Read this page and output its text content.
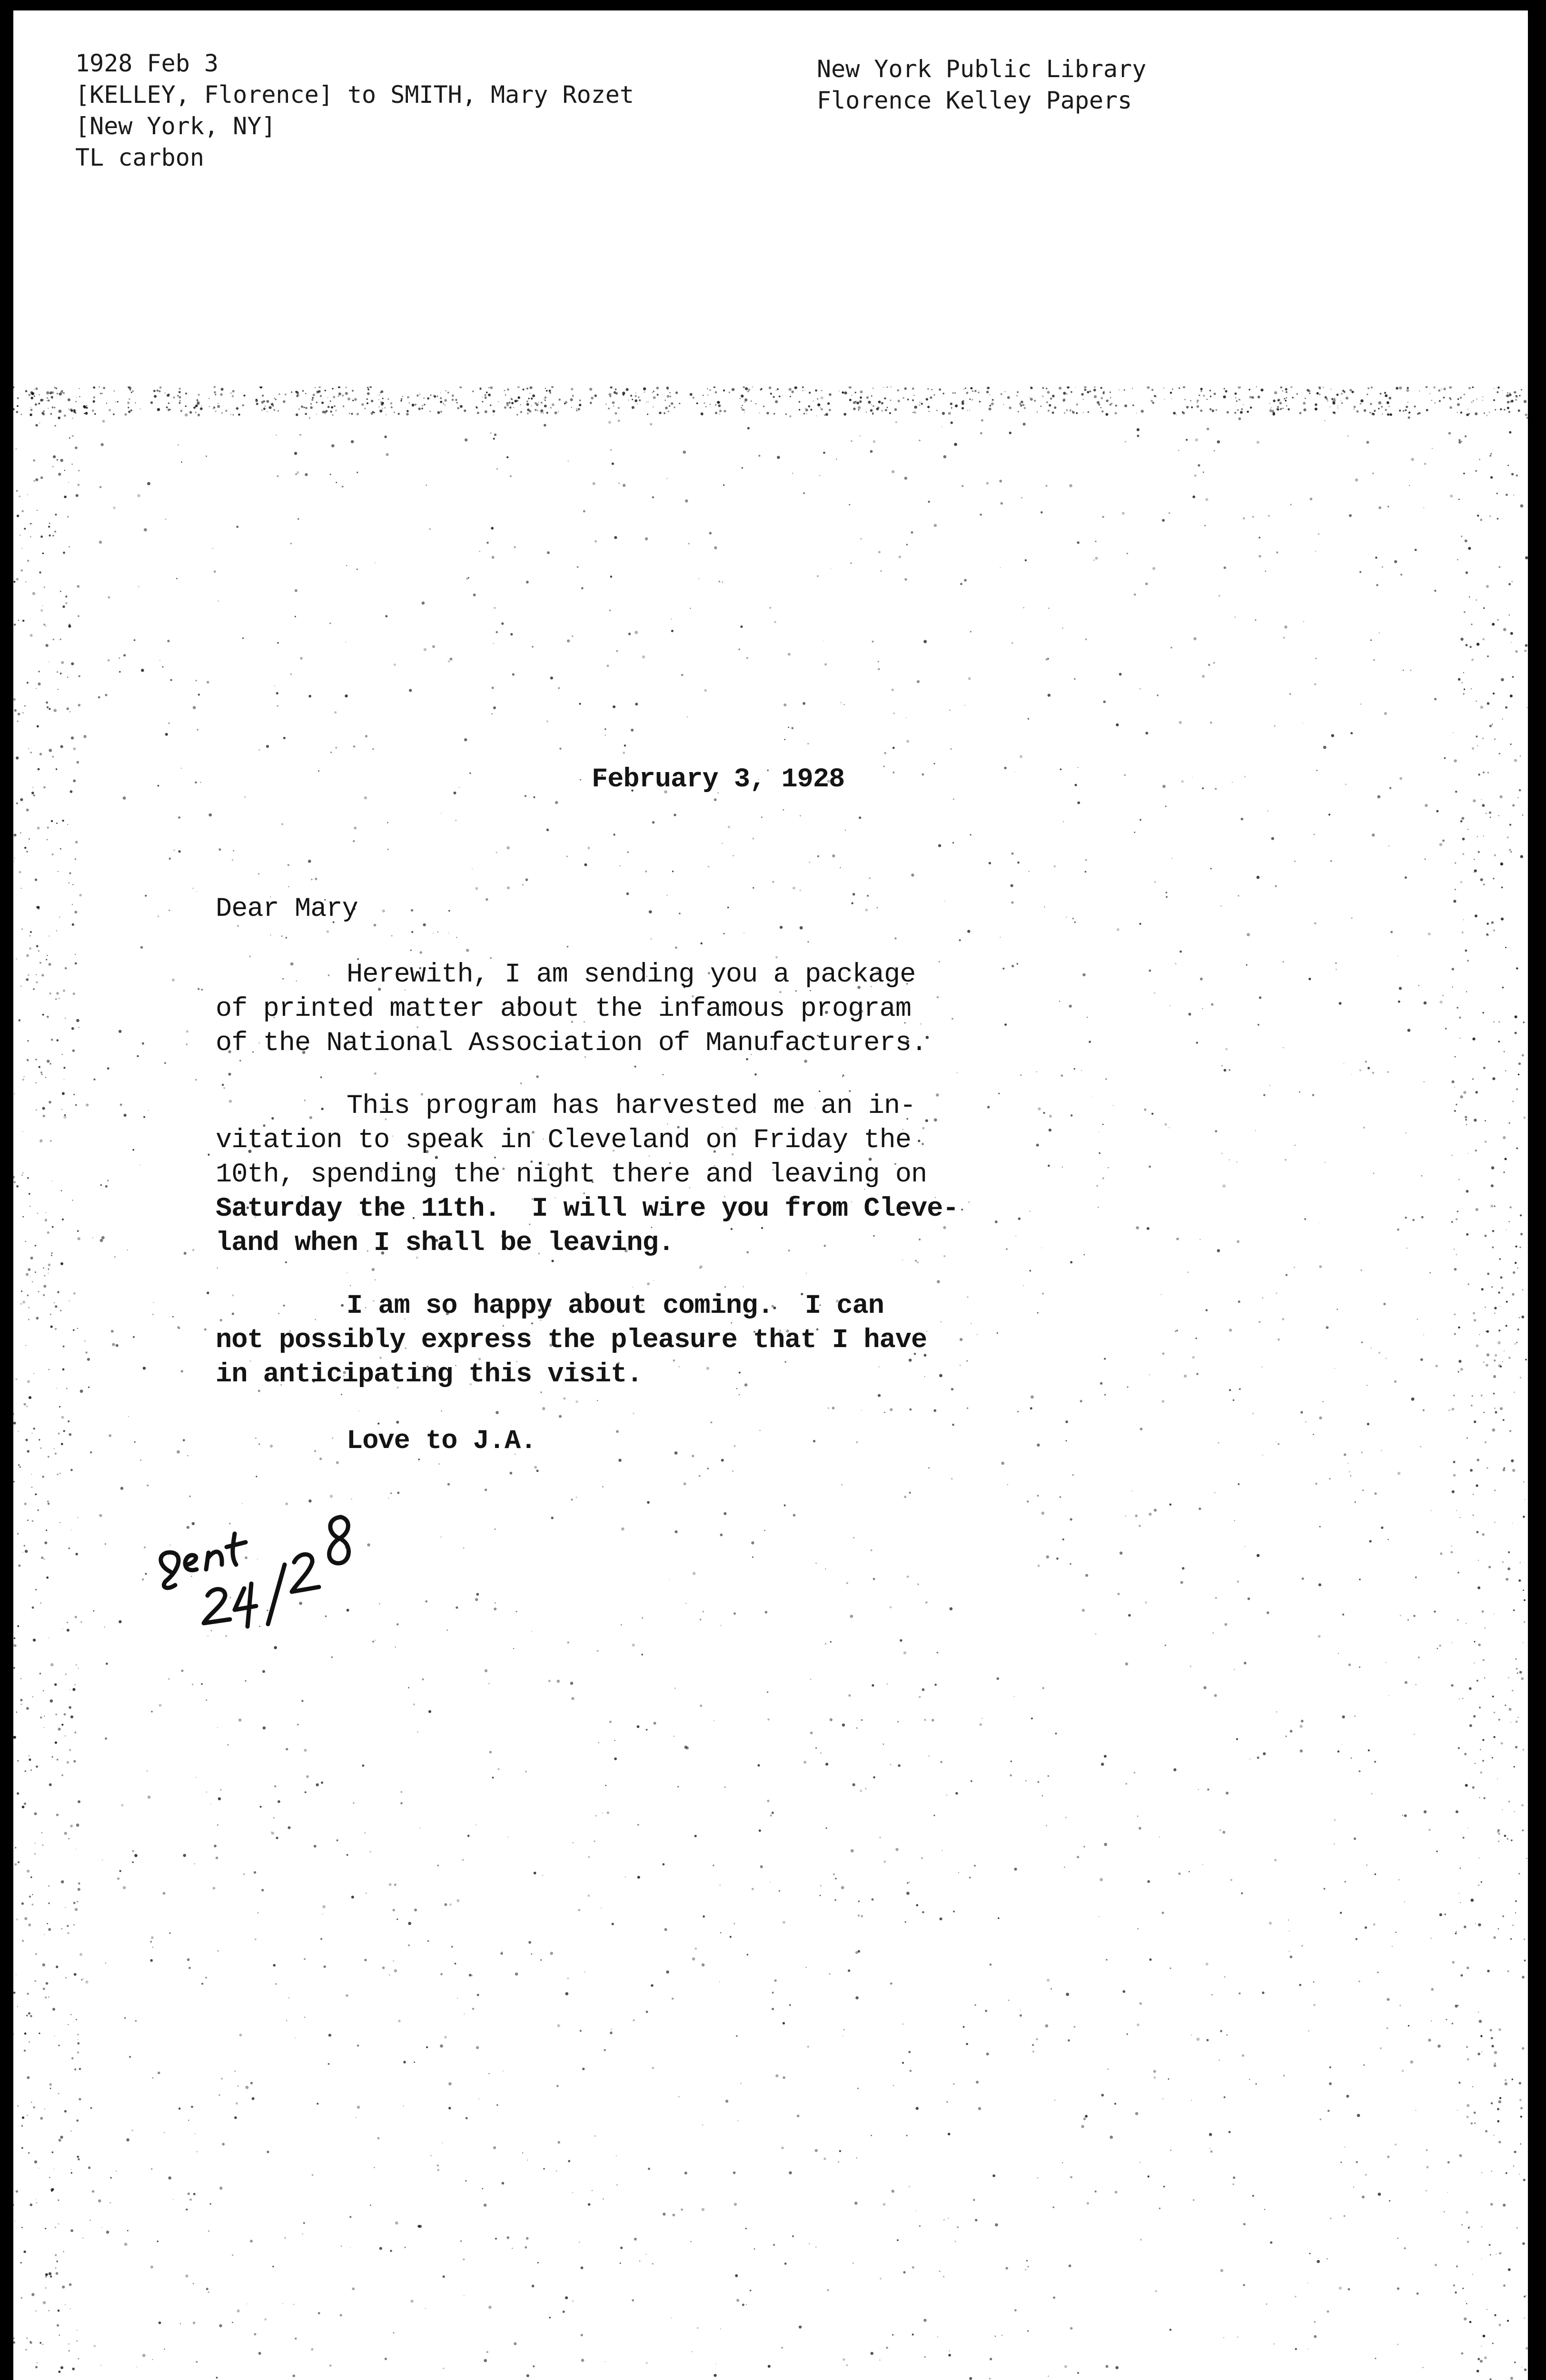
1928 Feb 3

[KELLEY, Florence] to SMITH, Mary Rozet

[New York, NY]

TL carbon

New York Public Library

Florence Kelley Papers

February 3, 1928

Dear Mary

Herewith, I am sending you a package

of printed matter about the infamous program

of the National Association of Manufacturers.

This program has harvested me an in-

vitation to speak in Cleveland on Friday the

10th, spending the night there and leaving on

Saturday the 11th.  I will wire you from Cleve-

land when I shall be leaving.

I am so happy about coming.  I can

not possibly express the pleasure that I have

in anticipating this visit.

Love to J.A.
